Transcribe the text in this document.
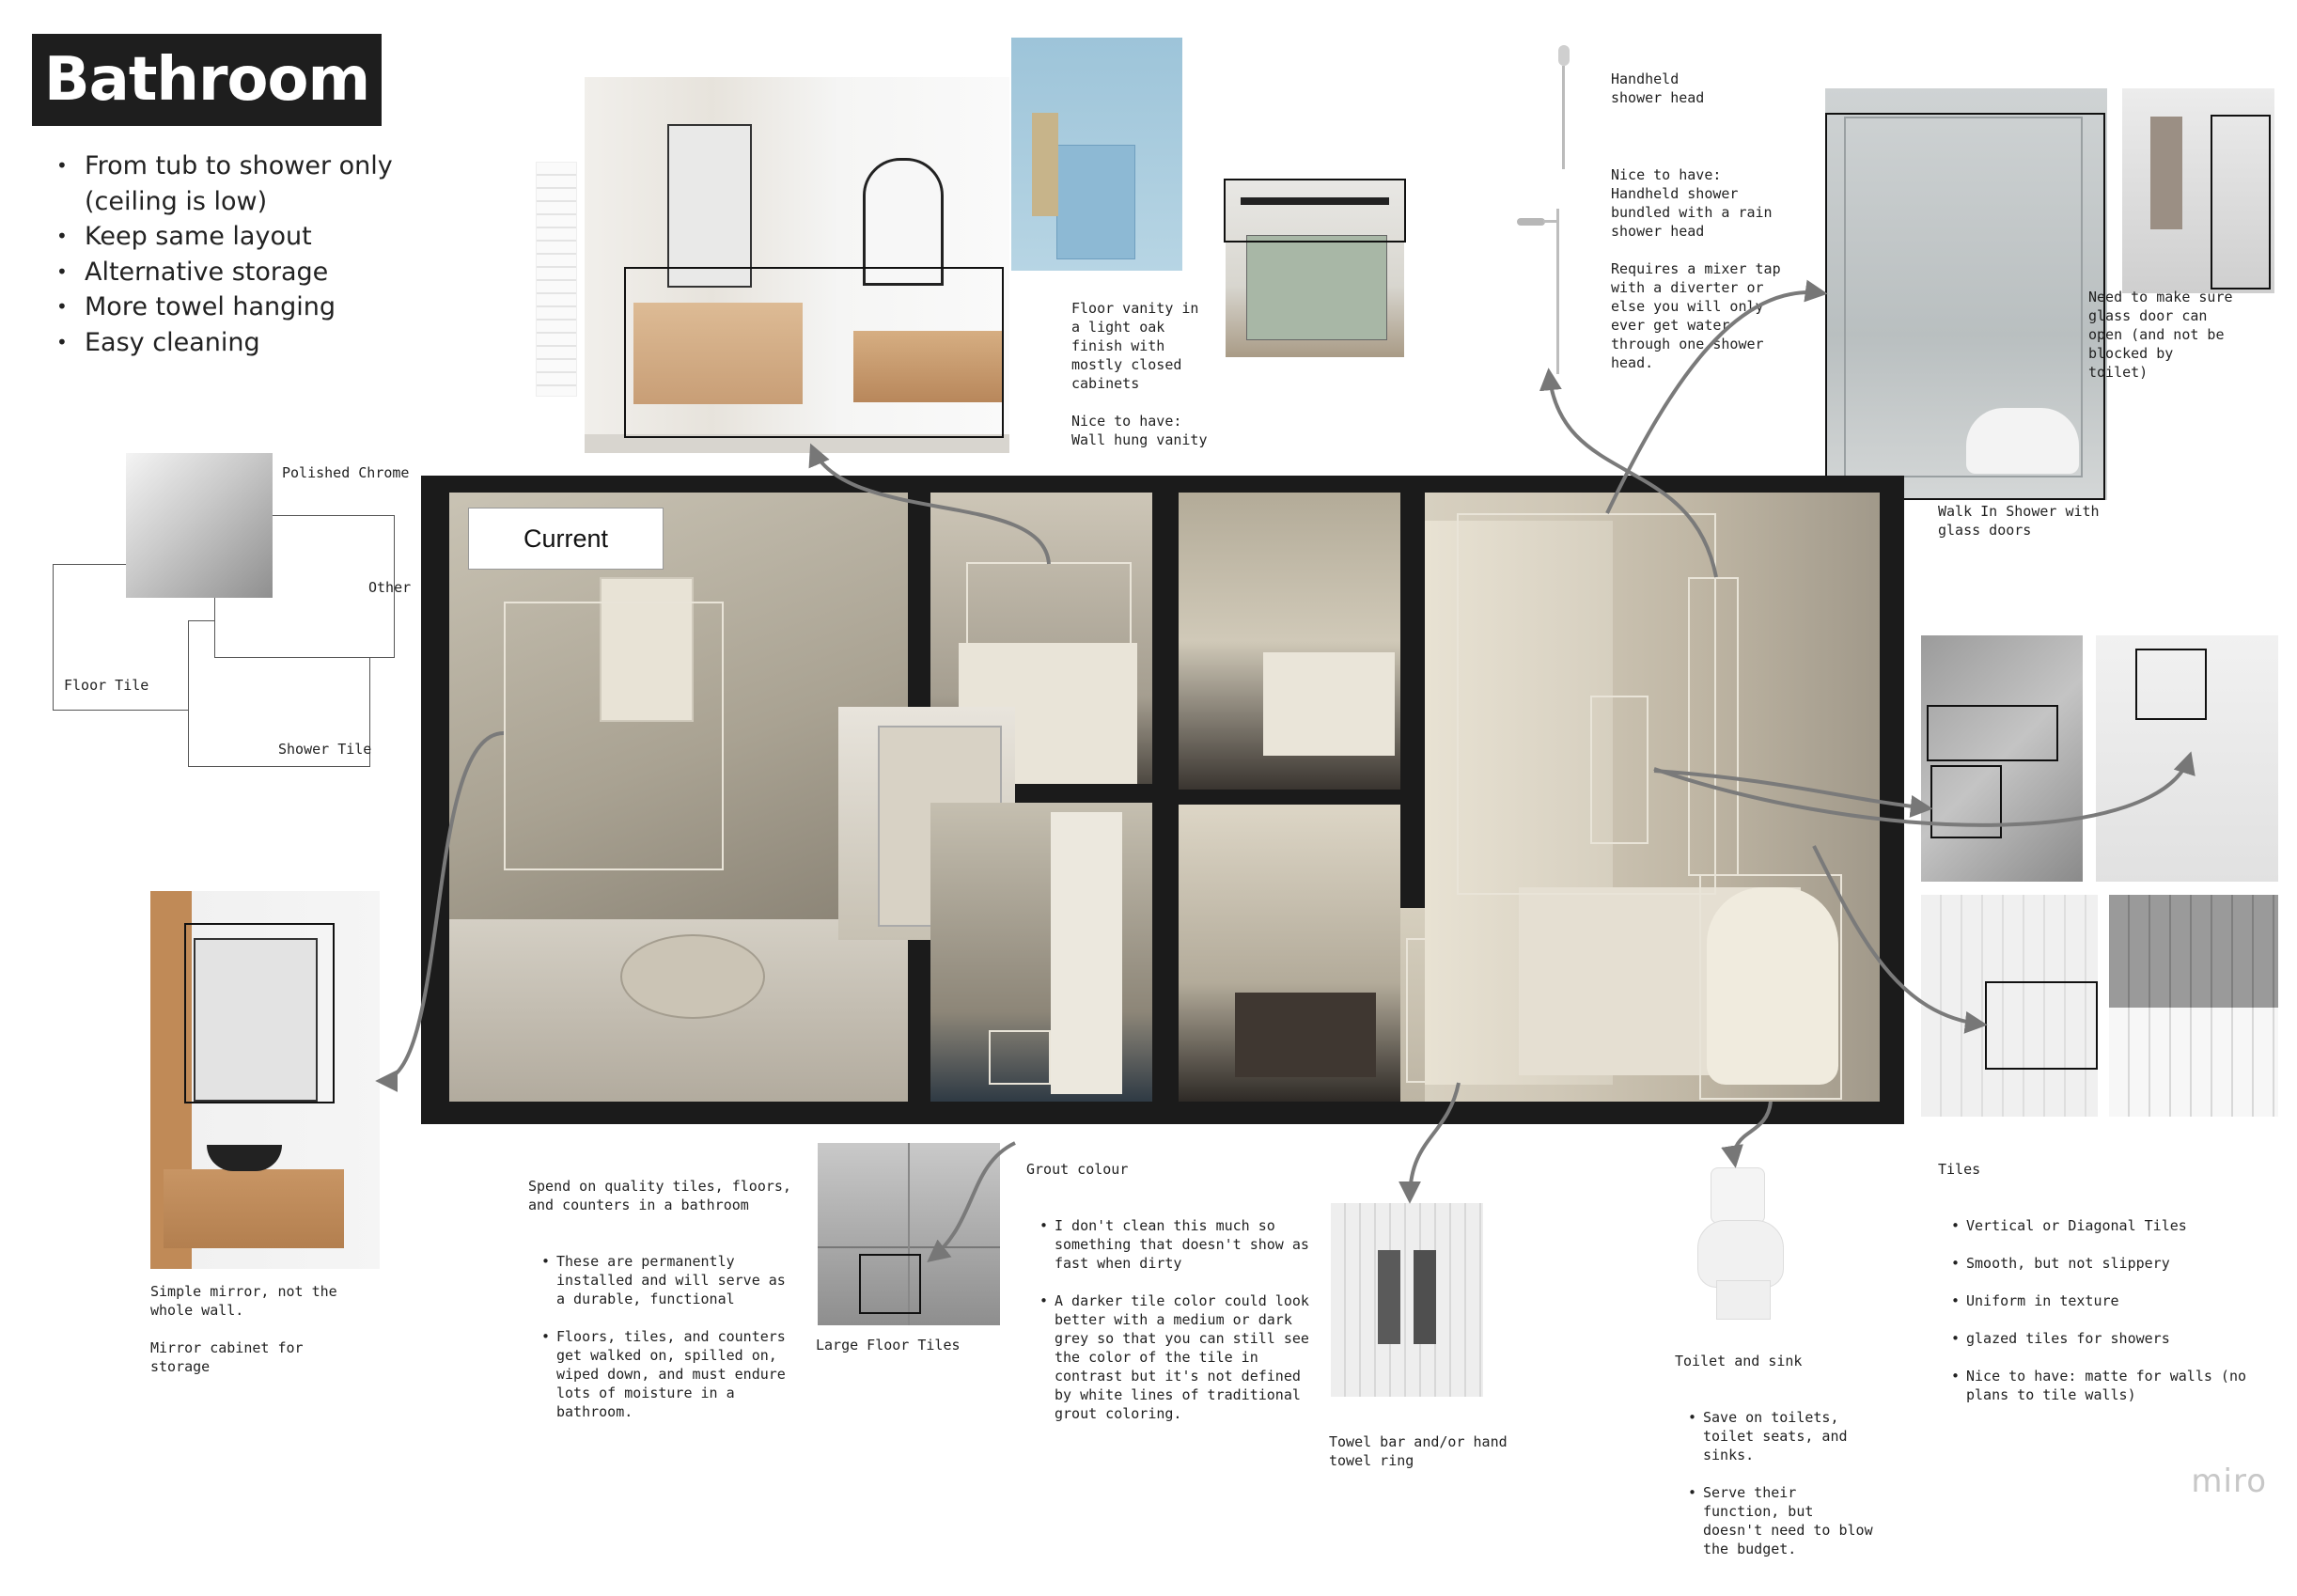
Bathroom
• From tub to shower only (ceiling is low)
• Keep same layout
• Alternative storage
• More towel hanging
• Easy cleaning
Polished Chrome
Other
Floor Tile
Shower Tile
Floor vanity in
a light oak
finish with
mostly closed
cabinets

Nice to have:
Wall hung vanity
Handheld
shower head
Nice to have:
Handheld shower
bundled with a rain
shower head

Requires a mixer tap
with a diverter or
else you will only
ever get water
through one shower
head.
Need to make sure
glass door can
open (and not be
blocked by
toilet)
Walk In Shower with
glass doors
Current
Simple mirror, not the
whole wall.

Mirror cabinet for
storage

Spend on quality tiles, floors,
and counters in a bathroom

• These are permanently
installed and will serve as
a durable, functional

• Floors, tiles, and counters
get walked on, spilled on,
wiped down, and must endure
lots of moisture in a
bathroom.

Large Floor Tiles

Grout colour

• I don't clean this much so
something that doesn't show as
fast when dirty

• A darker tile color could look
better with a medium or dark
grey so that you can still see
the color of the tile in
contrast but it's not defined
by white lines of traditional
grout coloring.

Towel bar and/or hand
towel ring

Toilet and sink

• Save on toilets,
toilet seats, and
sinks.

• Serve their
function, but
doesn't need to blow
the budget.

Tiles

• Vertical or Diagonal Tiles

• Smooth, but not slippery

• Uniform in texture

• glazed tiles for showers

• Nice to have: matte for walls (no
plans to tile walls)

miro
